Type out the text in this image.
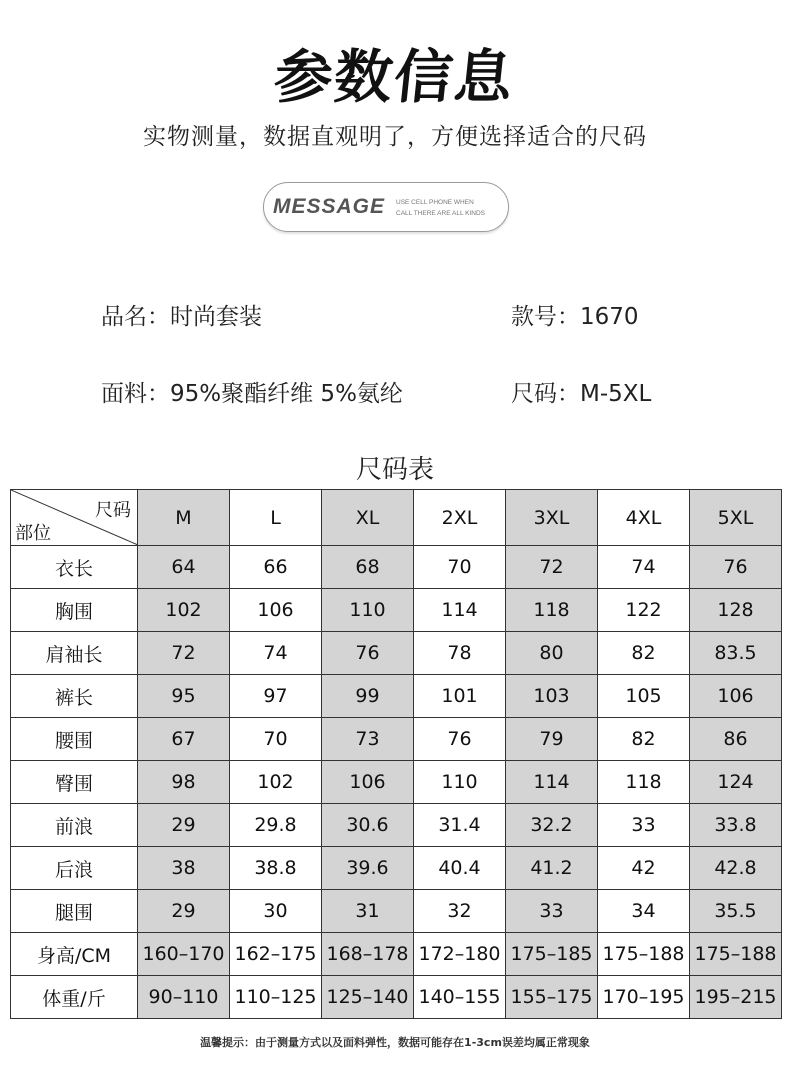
参数信息
实物测量，数据直观明了，方便选择适合的尺码
MESSAGE USE CELL PHONE WHEN
CALL THERE ARE ALL KINDS
品名：时尚套装	款号：1670
面料：95%聚酯纤维 5%氨纶	尺码：M-5XL
尺码表
尺码
部位	M	L	XL	2XL	3XL	4XL	5XL
衣长	64	66	68	70	72	74	76
胸围	102	106	110	114	118	122	128
肩袖长	72	74	76	78	80	82	83.5
裤长	95	97	99	101	103	105	106
腰围	67	70	73	76	79	82	86
臀围	98	102	106	110	114	118	124
前浪	29	29.8	30.6	31.4	32.2	33	33.8
后浪	38	38.8	39.6	40.4	41.2	42	42.8
腿围	29	30	31	32	33	34	35.5
身高/CM	160–170	162–175	168–178	172–180	175–185	175–188	175–188
体重/斤	90–110	110–125	125–140	140–155	155–175	170–195	195–215
温馨提示：由于测量方式以及面料弹性，数据可能存在1-3cm误差均属正常现象
